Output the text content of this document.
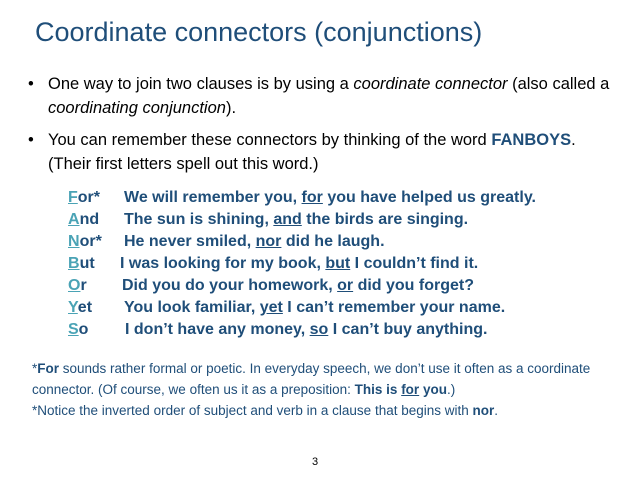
Coordinate connectors (conjunctions)
• One way to join two clauses is by using a coordinate connector (also called a coordinating conjunction).
• You can remember these connectors by thinking of the word FANBOYS. (Their first letters spell out this word.)
For* We will remember you, for you have helped us greatly.
And The sun is shining, and the birds are singing.
Nor* He never smiled, nor did he laugh.
But I was looking for my book, but I couldn’t find it.
Or Did you do your homework, or did you forget?
Yet You look familiar, yet I can’t remember your name.
So I don’t have any money, so I can’t buy anything.
*For sounds rather formal or poetic. In everyday speech, we don’t use it often as a coordinate connector. (Of course, we often us it as a preposition: This is for you.)
*Notice the inverted order of subject and verb in a clause that begins with nor.
3
